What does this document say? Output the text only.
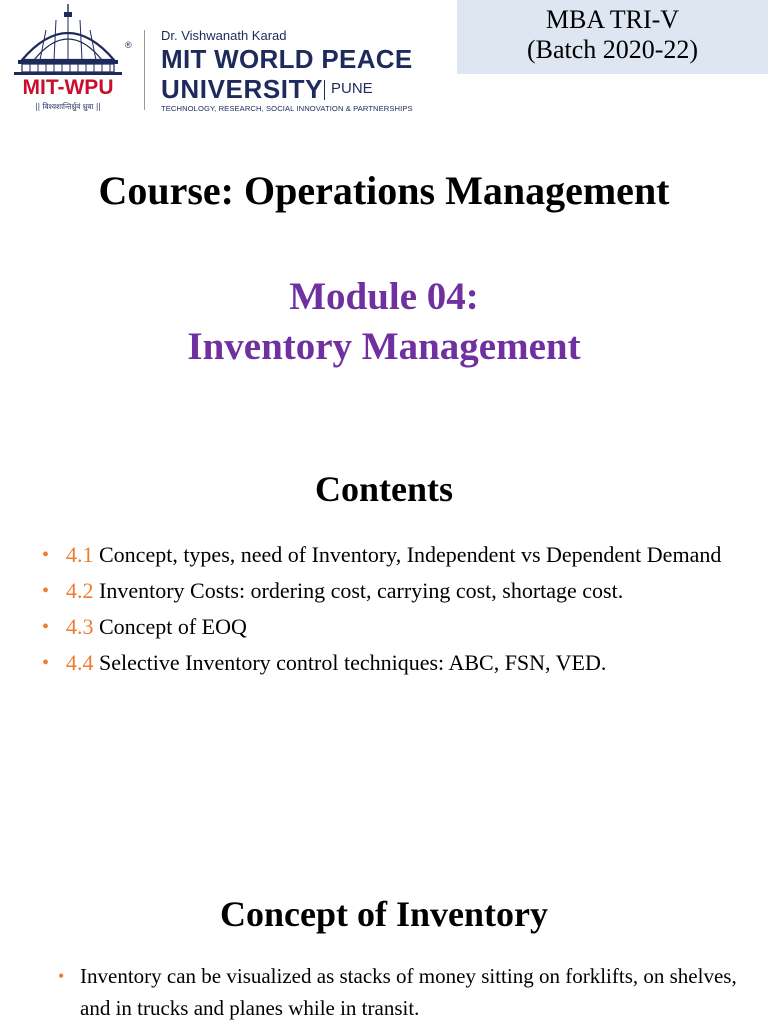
®
MIT-WPU
|| विश्वशान्तिर्ध्रुवं ध्रुवा ||
Dr. Vishwanath Karad
MIT WORLD PEACE
UNIVERSITY PUNE
TECHNOLOGY, RESEARCH, SOCIAL INNOVATION & PARTNERSHIPS
MBA TRI-V
(Batch 2020-22)
Course: Operations Management
Module 04:
Inventory Management
Contents
• 4.1 Concept, types, need of Inventory, Independent vs Dependent Demand
• 4.2 Inventory Costs: ordering cost, carrying cost, shortage cost.
• 4.3 Concept of EOQ
• 4.4 Selective Inventory control techniques: ABC, FSN, VED.
Concept of Inventory
• Inventory can be visualized as stacks of money sitting on forklifts, on shelves, and in trucks and planes while in transit.
